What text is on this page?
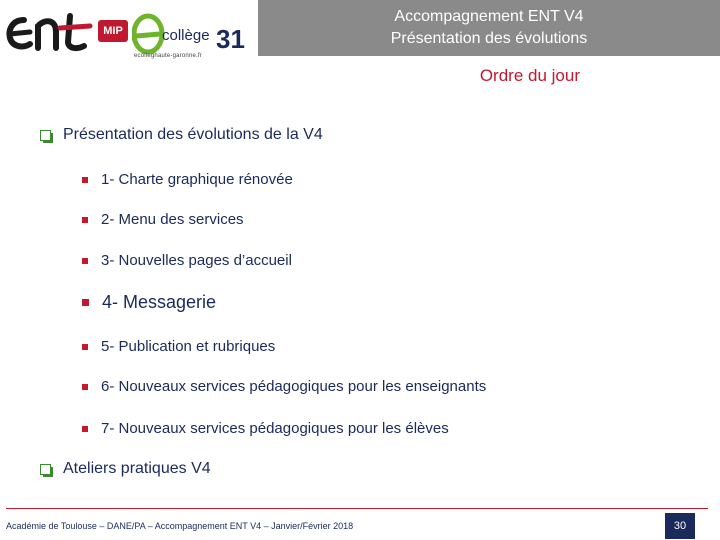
MIP	collège 31
ecolleghaute-garonne.fr
Accompagnement ENT V4
Présentation des évolutions
Ordre du jour
Présentation des évolutions de la V4
1- Charte graphique rénovée
2- Menu des services
3- Nouvelles pages d’accueil
4- Messagerie
5- Publication et rubriques
6- Nouveaux services pédagogiques pour les enseignants
7- Nouveaux services pédagogiques pour les élèves
Ateliers pratiques V4
Académie de Toulouse – DANE/PA – Accompagnement ENT V4 – Janvier/Février 2018	30
